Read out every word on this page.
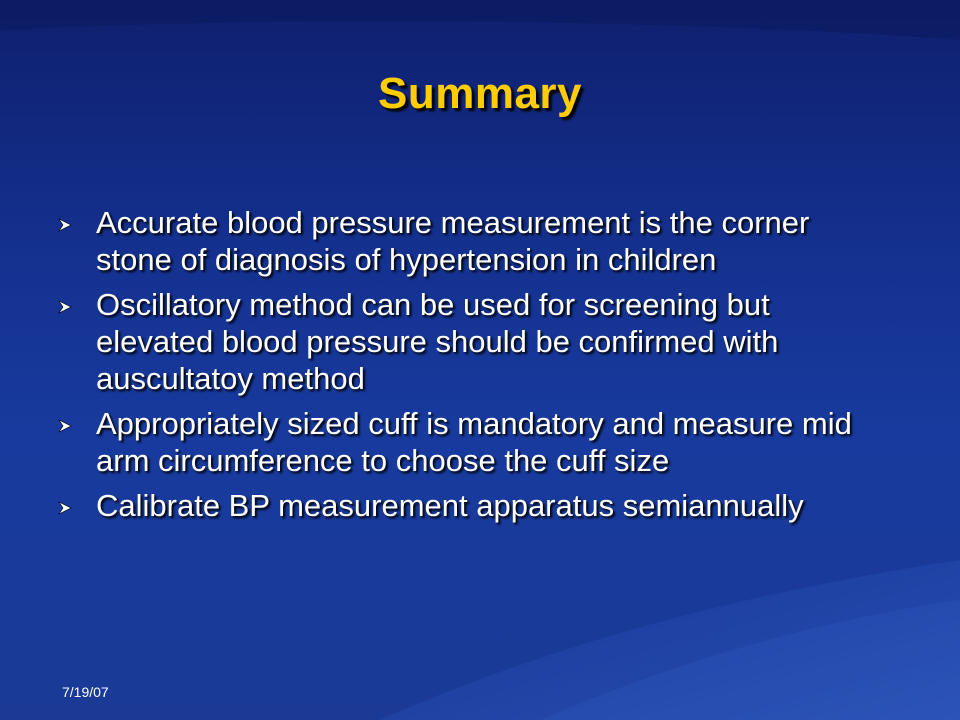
Summary
Accurate blood pressure measurement is the corner stone of diagnosis of hypertension in children
Oscillatory method can be used for screening but elevated blood pressure should be confirmed with auscultatoy method
Appropriately sized cuff is mandatory and measure mid arm circumference to choose the cuff size
Calibrate BP measurement apparatus semiannually
7/19/07
